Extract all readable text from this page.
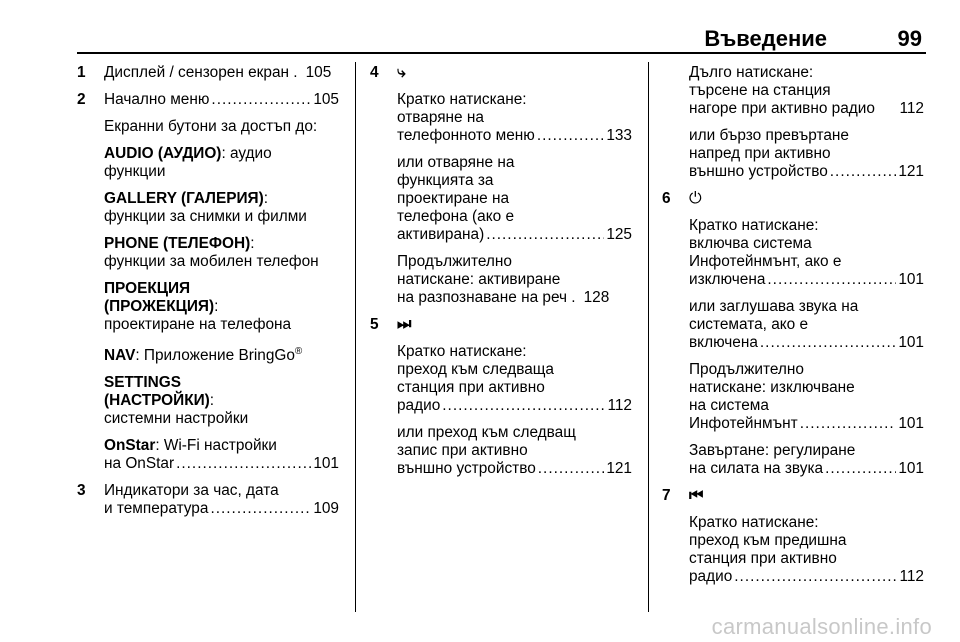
Въведение	99
1 Дисплей / сензорен екран . 105
2 Начално меню .....	105
Екранни бутони за достъп до:
AUDIO (АУДИО): аудио
функции
GALLERY (ГАЛЕРИЯ):
функции за снимки и филми
PHONE (ТЕЛЕФОН):
функции за мобилен телефон
ПРОЕКЦИЯ
(ПРОЖЕКЦИЯ):
проектиране на телефона
NAV: Приложение BringGo®
SETTINGS
(НАСТРОЙКИ):
системни настройки
OnStar: Wi-Fi настройки
на OnStar .....	101
3 Индикатори за час, дата
и температура .....	109
4 ⤷
Кратко натискане:
отваряне на
телефонното меню .....	133
или отваряне на
функцията за
проектиране на
телефона (ако е
активирана) .....	125
Продължително
натискане: активиране
на разпознаване на реч . 128
5 ⏭
Кратко натискане:
преход към следваща
станция при активно
радио .....	112
или преход към следващ
запис при активно
външно устройство .....	121
Дълго натискане:
търсене на станция
нагоре при активно радио 112
или бързо превъртане
напред при активно
външно устройство .....	121
6 ⏻
Кратко натискане:
включва система
Инфотейнмънт, ако е
изключена .....	101
или заглушава звука на
системата, ако е
включена .....	101
Продължително
натискане: изключване
на система
Инфотейнмънт .....	101
Завъртане: регулиране
на силата на звука .....	101
7 ⏮
Кратко натискане:
преход към предишна
станция при активно
радио .....	112
carmanualsonline.info
